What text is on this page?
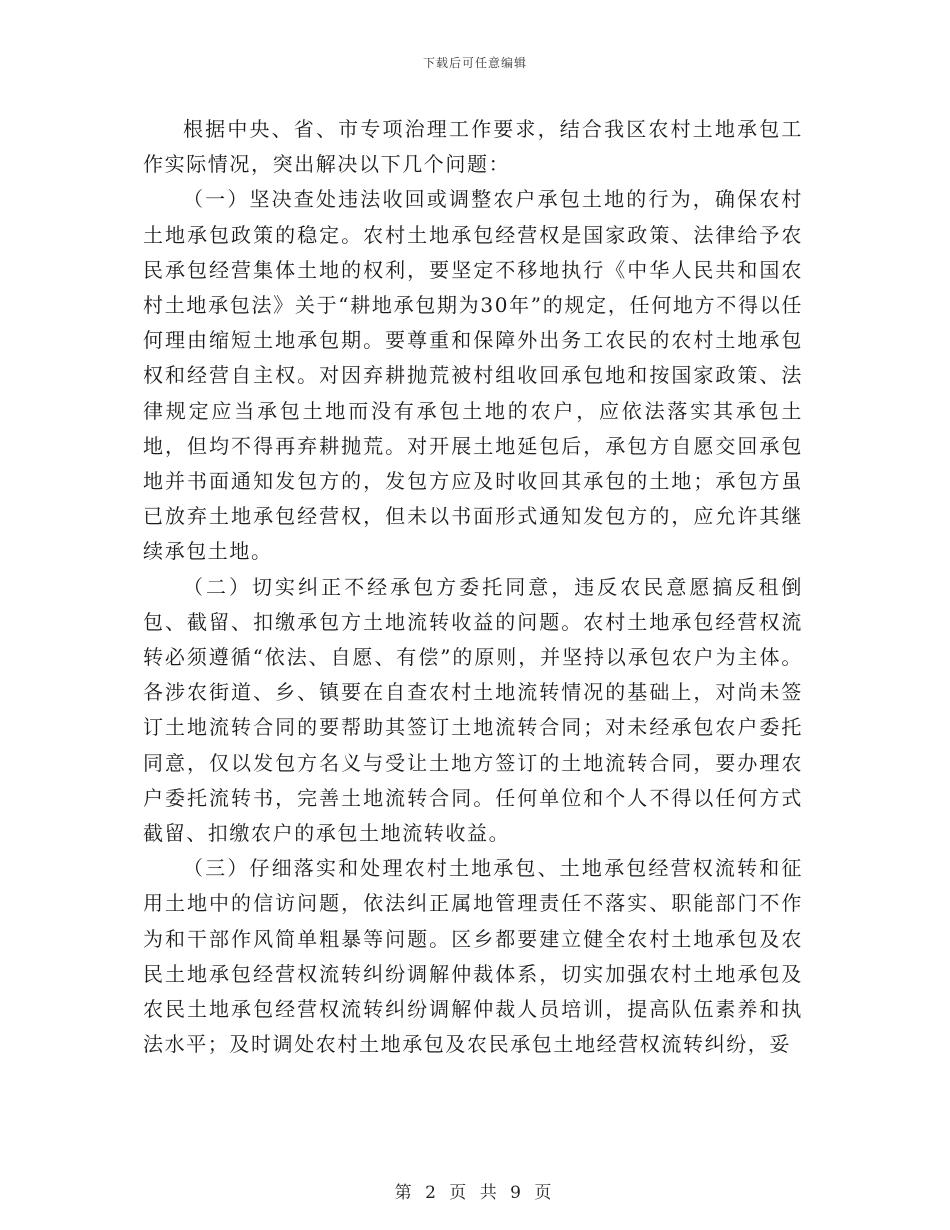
下载后可任意编辑

根据中央、省、市专项治理工作要求，结合我区农村土地承包工作实际情况，突出解决以下几个问题：

（一）坚决查处违法收回或调整农户承包土地的行为，确保农村土地承包政策的稳定。农村土地承包经营权是国家政策、法律给予农民承包经营集体土地的权利，要坚定不移地执行《中华人民共和国农村土地承包法》关于“耕地承包期为30年”的规定，任何地方不得以任何理由缩短土地承包期。要尊重和保障外出务工农民的农村土地承包权和经营自主权。对因弃耕抛荒被村组收回承包地和按国家政策、法律规定应当承包土地而没有承包土地的农户，应依法落实其承包土地，但均不得再弃耕抛荒。对开展土地延包后，承包方自愿交回承包地并书面通知发包方的，发包方应及时收回其承包的土地；承包方虽已放弃土地承包经营权，但未以书面形式通知发包方的，应允许其继续承包土地。

（二）切实纠正不经承包方委托同意，违反农民意愿搞反租倒包、截留、扣缴承包方土地流转收益的问题。农村土地承包经营权流转必须遵循“依法、自愿、有偿”的原则，并坚持以承包农户为主体。各涉农街道、乡、镇要在自查农村土地流转情况的基础上，对尚未签订土地流转合同的要帮助其签订土地流转合同；对未经承包农户委托同意，仅以发包方名义与受让土地方签订的土地流转合同，要办理农户委托流转书，完善土地流转合同。任何单位和个人不得以任何方式截留、扣缴农户的承包土地流转收益。

（三）仔细落实和处理农村土地承包、土地承包经营权流转和征用土地中的信访问题，依法纠正属地管理责任不落实、职能部门不作为和干部作风简单粗暴等问题。区乡都要建立健全农村土地承包及农民土地承包经营权流转纠纷调解仲裁体系，切实加强农村土地承包及农民土地承包经营权流转纠纷调解仲裁人员培训，提高队伍素养和执法水平；及时调处农村土地承包及农民承包土地经营权流转纠纷，妥

第 2 页 共 9 页
